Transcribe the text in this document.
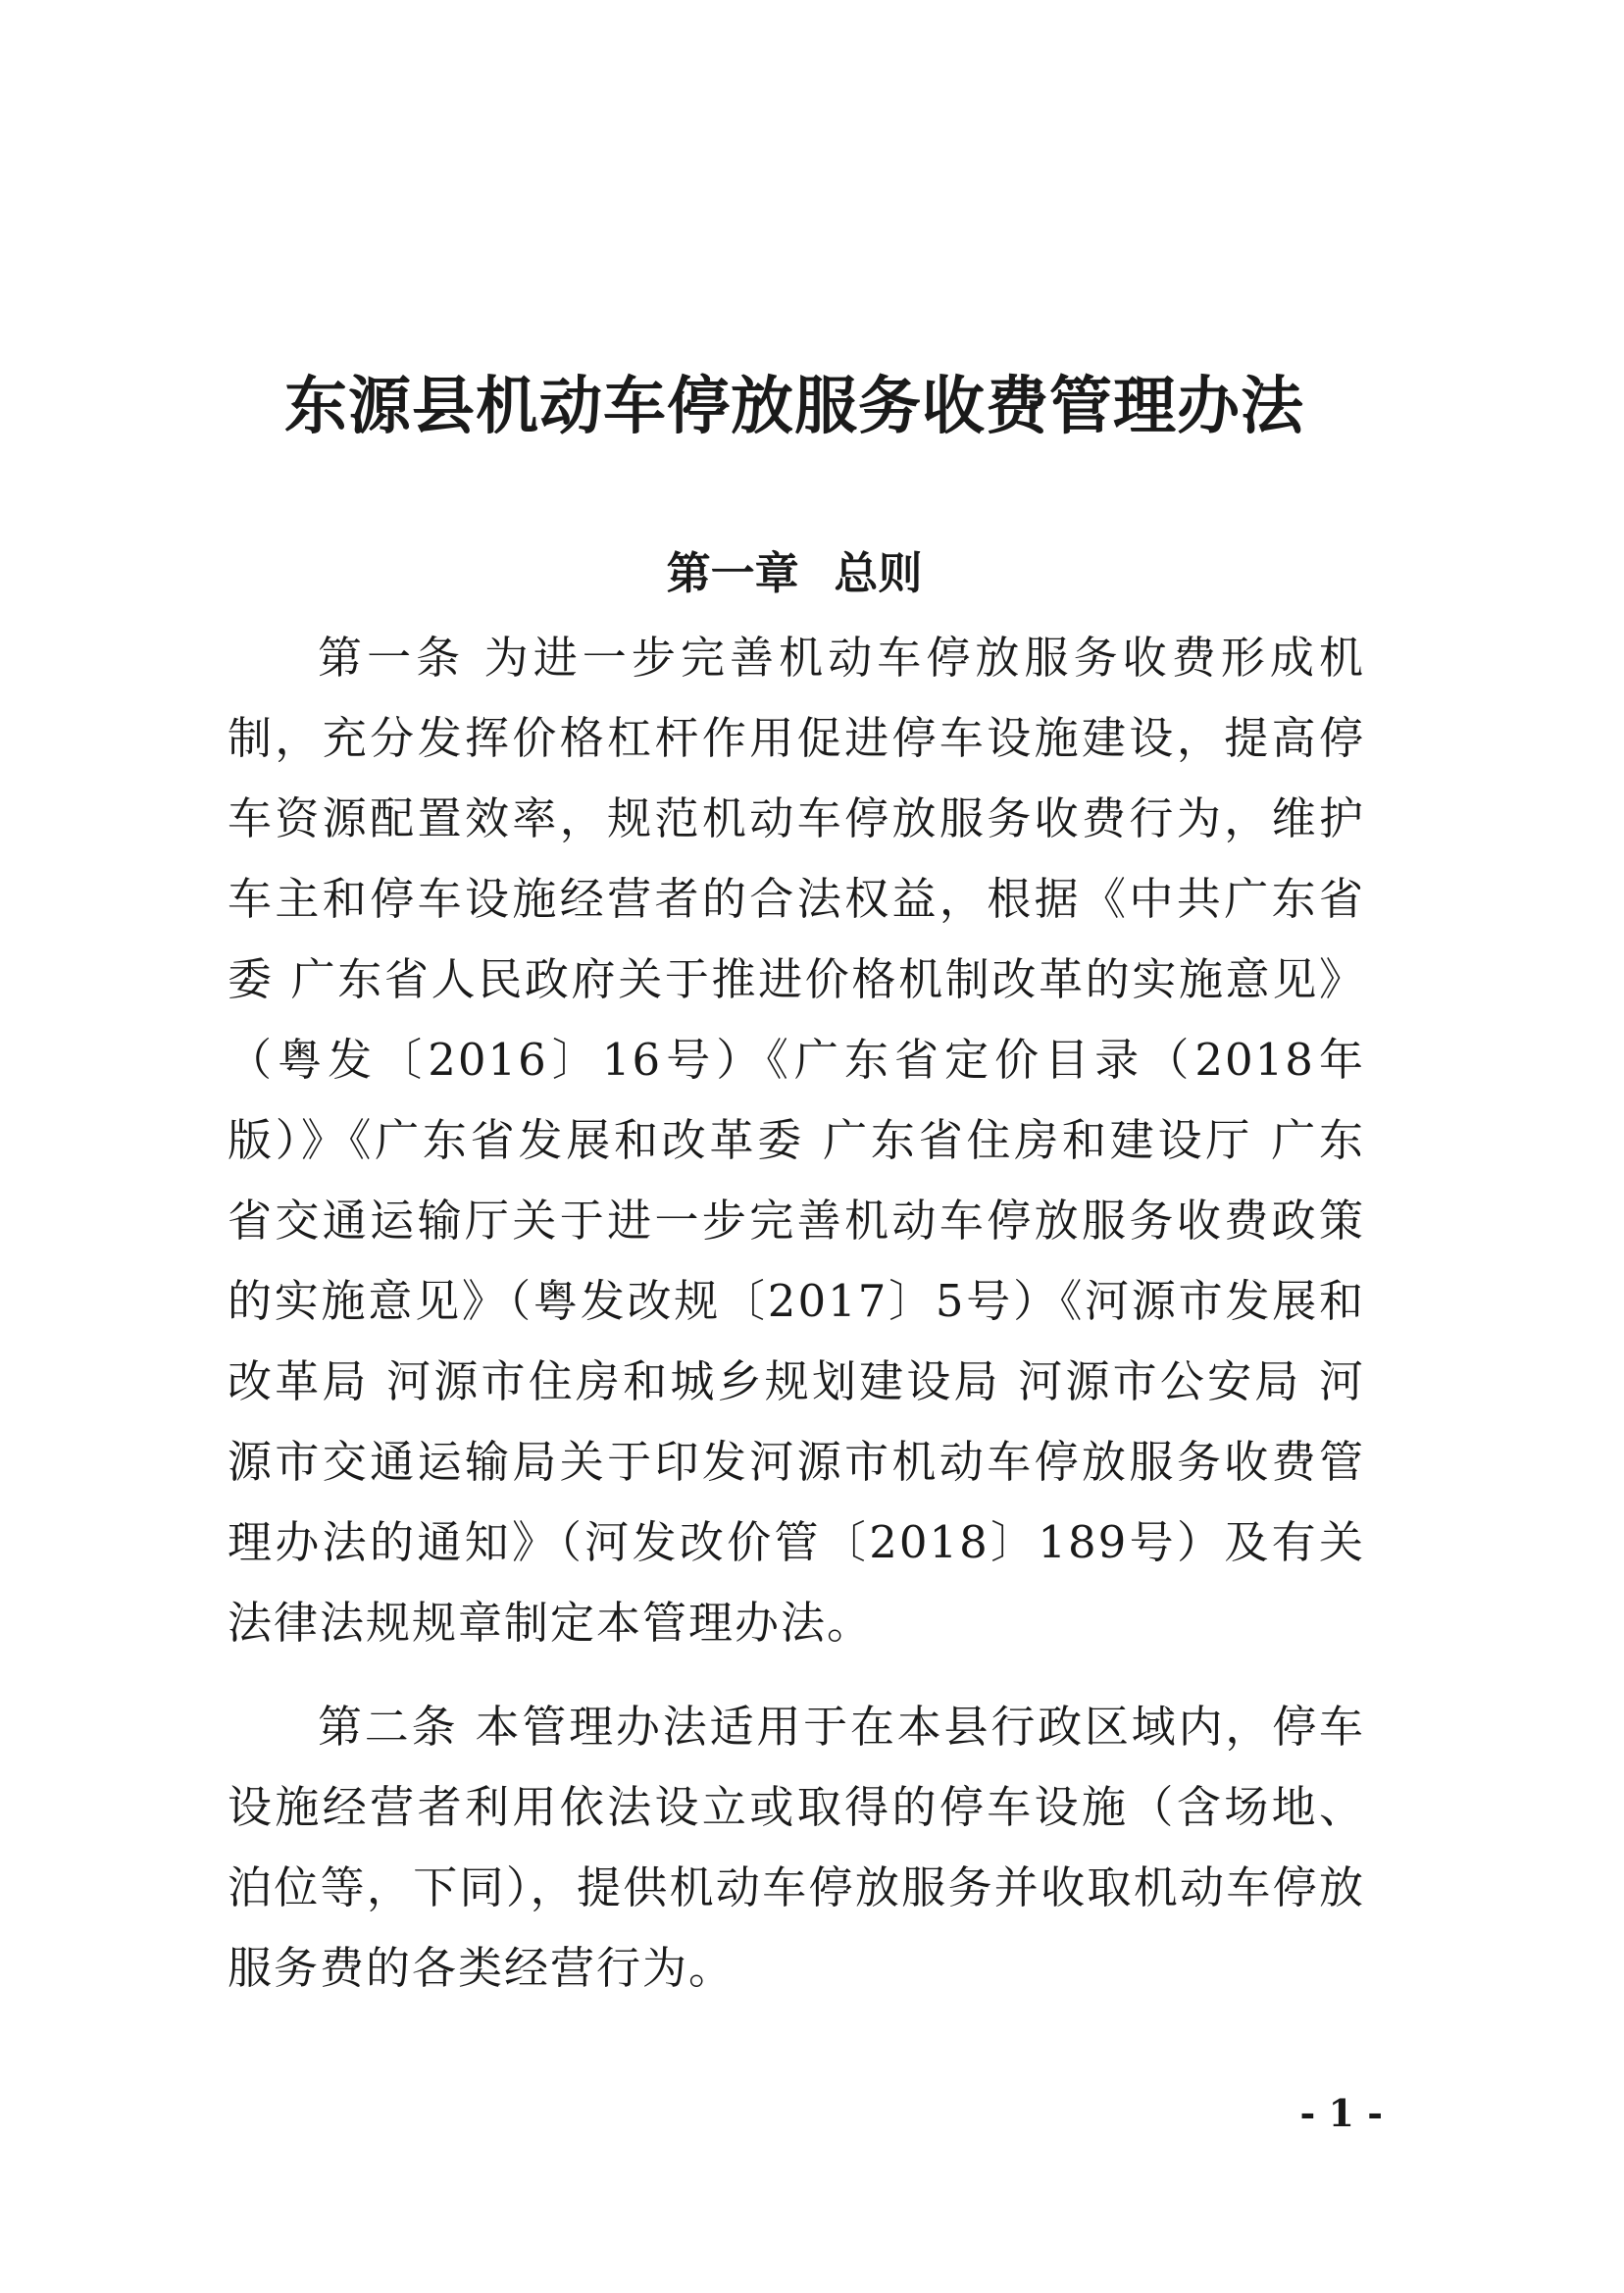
东源县机动车停放服务收费管理办法
第一章 总则

第一条 为进一步完善机动车停放服务收费形成机制，充分发挥价格杠杆作用促进停车设施建设，提高停车资源配置效率，规范机动车停放服务收费行为，维护车主和停车设施经营者的合法权益，根据《中共广东省委 广东省人民政府关于推进价格机制改革的实施意见》（粤发〔2016〕16号）《广东省定价目录（2018年版）》《广东省发展和改革委 广东省住房和建设厅 广东省交通运输厅关于进一步完善机动车停放服务收费政策的实施意见》（粤发改规〔2017〕5号）《河源市发展和改革局 河源市住房和城乡规划建设局 河源市公安局 河源市交通运输局关于印发河源市机动车停放服务收费管理办法的通知》（河发改价管〔2018〕189号）及有关法律法规规章制定本管理办法。

第二条 本管理办法适用于在本县行政区域内，停车设施经营者利用依法设立或取得的停车设施（含场地、泊位等，下同），提供机动车停放服务并收取机动车停放服务费的各类经营行为。

- 1 -
